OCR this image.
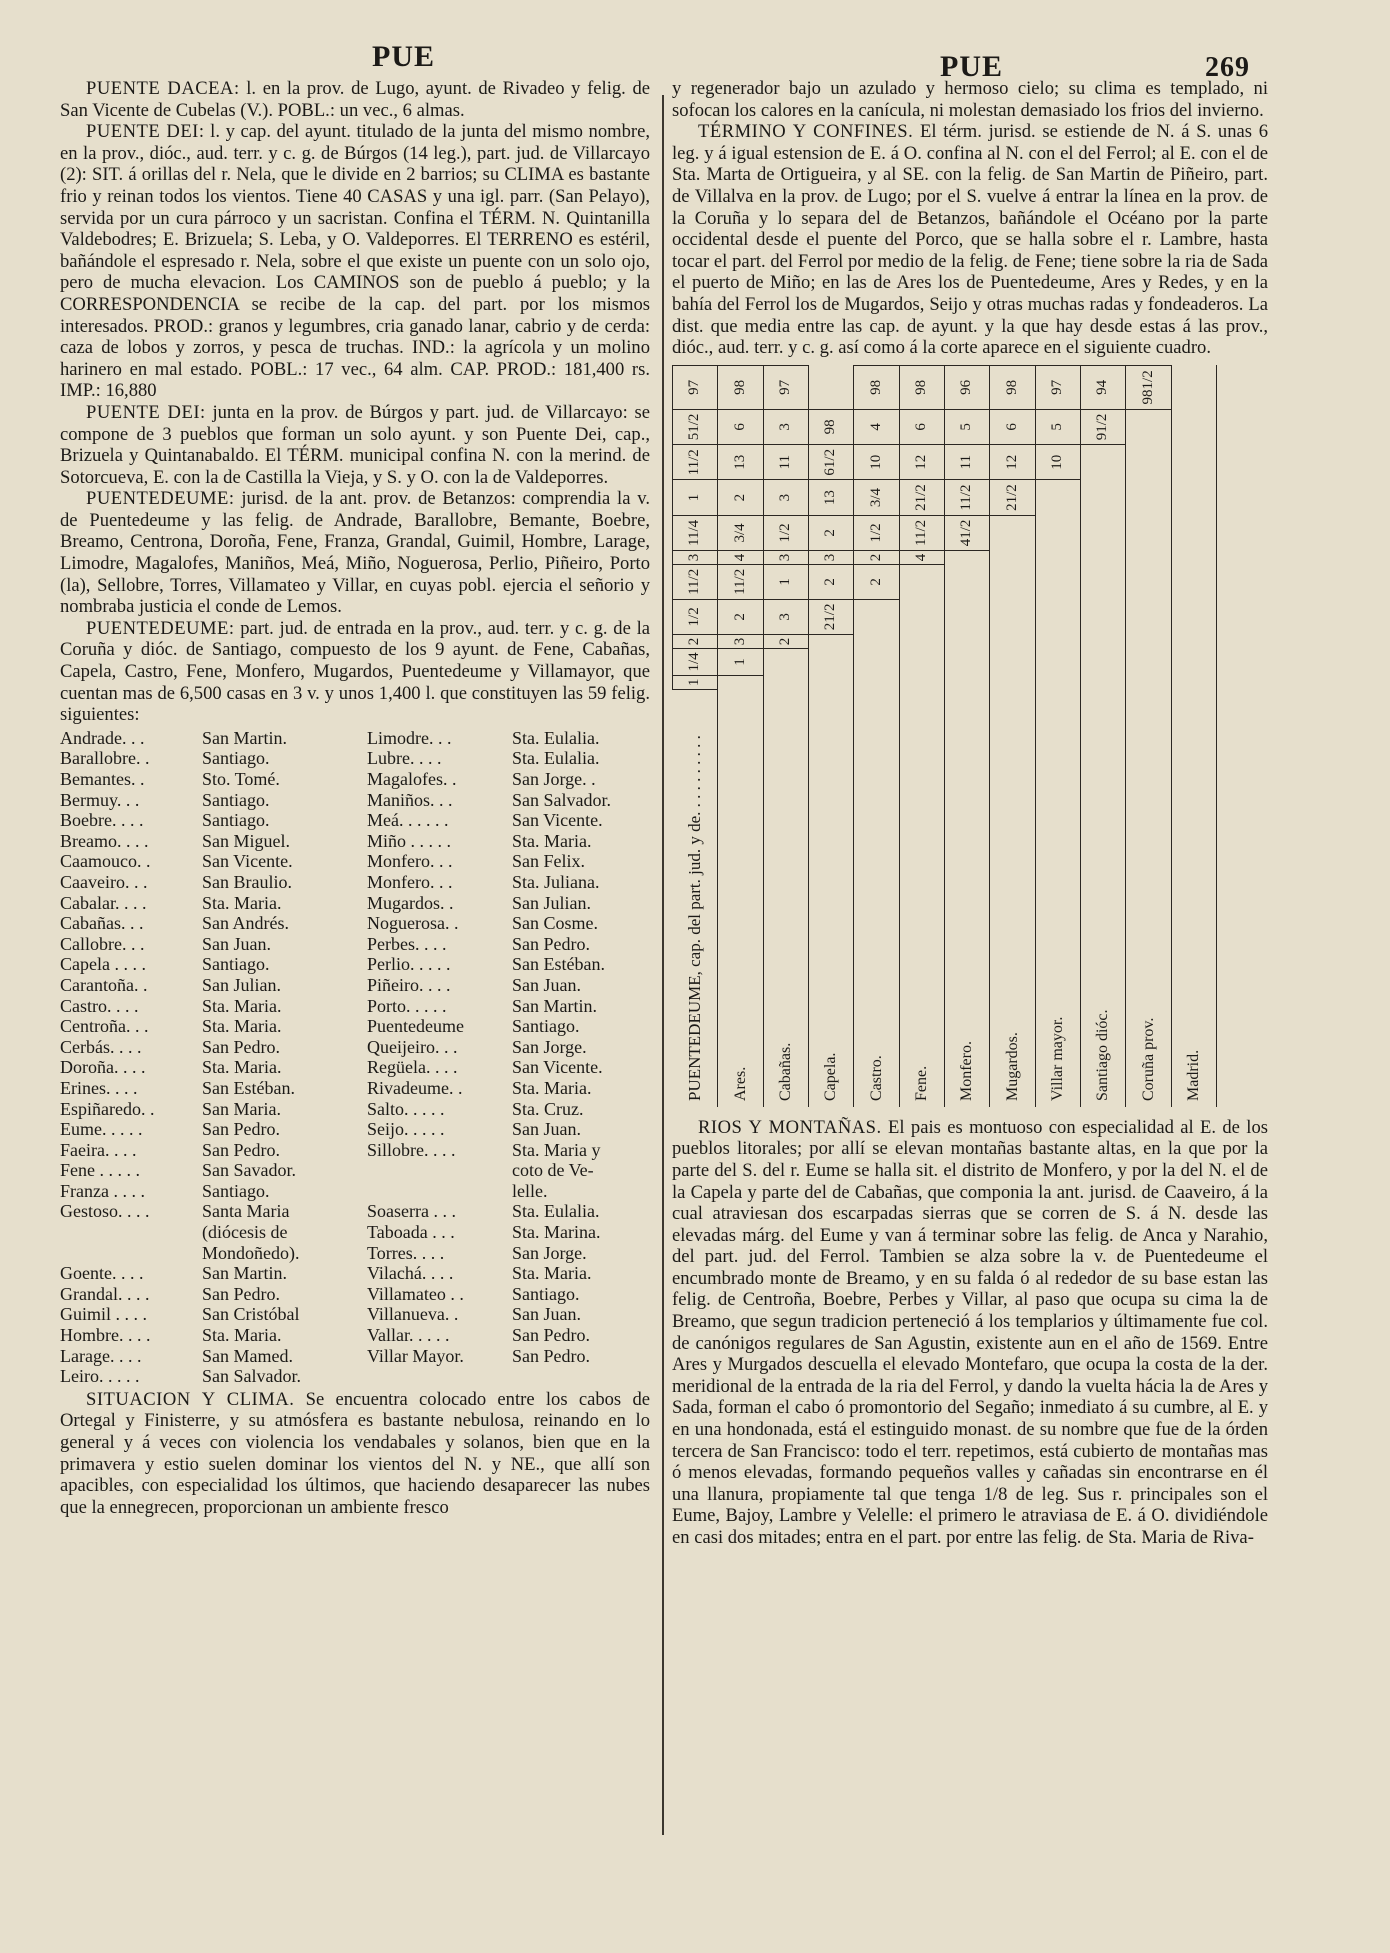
PUE	PUE	269

PUENTE DACEA: l. en la prov. de Lugo, ayunt. de Rivadeo y felig. de San Vicente de Cubelas (V.). POBL.: un vec., 6 almas.

PUENTE DEI: l. y cap. del ayunt. titulado de la junta del mismo nombre, en la prov., dióc., aud. terr. y c. g. de Búrgos (14 leg.), part. jud. de Villarcayo (2): SIT. á orillas del r. Nela, que le divide en 2 barrios; su CLIMA es bastante frio y reinan todos los vientos. Tiene 40 CASAS y una igl. parr. (San Pelayo), servida por un cura párroco y un sacristan. Confina el TÉRM. N. Quintanilla Valdebodres; E. Brizuela; S. Leba, y O. Valdeporres. El TERRENO es estéril, bañándole el espresado r. Nela, sobre el que existe un puente con un solo ojo, pero de mucha elevacion. Los CAMINOS son de pueblo á pueblo; y la CORRESPONDENCIA se recibe de la cap. del part. por los mismos interesados. PROD.: granos y legumbres, cria ganado lanar, cabrio y de cerda: caza de lobos y zorros, y pesca de truchas. IND.: la agrícola y un molino harinero en mal estado. POBL.: 17 vec., 64 alm. CAP. PROD.: 181,400 rs. IMP.: 16,880

PUENTE DEI: junta en la prov. de Búrgos y part. jud. de Villarcayo: se compone de 3 pueblos que forman un solo ayunt. y son Puente Dei, cap., Brizuela y Quintanabaldo. El TÉRM. municipal confina N. con la merind. de Sotorcueva, E. con la de Castilla la Vieja, y S. y O. con la de Valdeporres.

PUENTEDEUME: jurisd. de la ant. prov. de Betanzos: comprendia la v. de Puentedeume y las felig. de Andrade, Barallobre, Bemante, Boebre, Breamo, Centrona, Doroña, Fene, Franza, Grandal, Guimil, Hombre, Larage, Limodre, Magalofes, Maniños, Meá, Miño, Noguerosa, Perlio, Piñeiro, Porto (la), Sellobre, Torres, Villamateo y Villar, en cuyas pobl. ejercia el señorio y nombraba justicia el conde de Lemos.

PUENTEDEUME: part. jud. de entrada en la prov., aud. terr. y c. g. de la Coruña y dióc. de Santiago, compuesto de los 9 ayunt. de Fene, Cabañas, Capela, Castro, Fene, Monfero, Mugardos, Puentedeume y Villamayor, que cuentan mas de 6,500 casas en 3 v. y unos 1,400 l. que constituyen las 59 felig. siguientes:

Andrade. . .	San Martin.	Limodre. . .	Sta. Eulalia.
Barallobre. .	Santiago.	Lubre. . . .	Sta. Eulalia.
Bemantes. .	Sto. Tomé.	Magalofes. .	San Jorge. .
Bermuy. . .	Santiago.	Maniños. . .	San Salvador.
Boebre. . . .	Santiago.	Meá. . . . . .	San Vicente.
Breamo. . . .	San Miguel.	Miño . . . . .	Sta. Maria.
Caamouco. .	San Vicente.	Monfero. . .	San Felix.
Caaveiro. . .	San Braulio.	Monfero. . .	Sta. Juliana.
Cabalar. . . .	Sta. Maria.	Mugardos. .	San Julian.
Cabañas. . .	San Andrés.	Noguerosa. .	San Cosme.
Callobre. . .	San Juan.	Perbes. . . .	San Pedro.
Capela . . . .	Santiago.	Perlio. . . . .	San Estéban.
Carantoña. .	San Julian.	Piñeiro. . . .	San Juan.
Castro. . . .	Sta. Maria.	Porto. . . . .	San Martin.
Centroña. . .	Sta. Maria.	Puentedeume	Santiago.
Cerbás. . . .	San Pedro.	Queijeiro. . .	San Jorge.
Doroña. . . .	Sta. Maria.	Regüela. . . .	San Vicente.
Erines. . . .	San Estéban.	Rivadeume. .	Sta. Maria.
Espiñaredo. .	San Maria.	Salto. . . . .	Sta. Cruz.
Eume. . . . .	San Pedro.	Seijo. . . . .	San Juan.
Faeira. . . .	San Pedro.	Sillobre. . . .	Sta. Maria y
Fene . . . . .	San Savador.		coto de Ve-
Franza . . . .	Santiago.		lelle.
Gestoso. . . .	Santa Maria	Soaserra . . .	Sta. Eulalia.
	(diócesis de	Taboada . . .	Sta. Marina.
	Mondoñedo).	Torres. . . .	San Jorge.
Goente. . . .	San Martin.	Vilachá. . . .	Sta. Maria.
Grandal. . . .	San Pedro.	Villamateo . .	Santiago.
Guimil . . . .	San Cristóbal	Villanueva. .	San Juan.
Hombre. . . .	Sta. Maria.	Vallar. . . . .	San Pedro.
Larage. . . .	San Mamed.	Villar Mayor.	San Pedro.
Leiro. . . . .	San Salvador.		

SITUACION Y CLIMA. Se encuentra colocado entre los cabos de Ortegal y Finisterre, y su atmósfera es bastante nebulosa, reinando en lo general y á veces con violencia los vendabales y solanos, bien que en la primavera y estio suelen dominar los vientos del N. y NE., que allí son apacibles, con especialidad los últimos, que haciendo desaparecer las nubes que la ennegrecen, proporcionan un ambiente fresco

y regenerador bajo un azulado y hermoso cielo; su clima es templado, ni sofocan los calores en la canícula, ni molestan demasiado los frios del invierno.

TÉRMINO Y CONFINES. El térm. jurisd. se estiende de N. á S. unas 6 leg. y á igual estension de E. á O. confina al N. con el del Ferrol; al E. con el de Sta. Marta de Ortigueira, y al SE. con la felig. de San Martin de Piñeiro, part. de Villalva en la prov. de Lugo; por el S. vuelve á entrar la línea en la prov. de la Coruña y lo separa del de Betanzos, bañándole el Océano por la parte occidental desde el puente del Porco, que se halla sobre el r. Lambre, hasta tocar el part. del Ferrol por medio de la felig. de Fene; tiene sobre la ria de Sada el puerto de Miño; en las de Ares los de Puentedeume, Ares y Redes, y en la bahía del Ferrol los de Mugardos, Seijo y otras muchas radas y fondeaderos. La dist. que media entre las cap. de ayunt. y la que hay desde estas á las prov., dióc., aud. terr. y c. g. así como á la corte aparece en el siguiente cuadro.

PUENTEDEUME, cap. del part. jud. y de. . . . . . . . . .	1	1/4	2	1/2	11/2	3	11/4	1	11/2	51/2	97
Ares.		1	3	2	11/2	4	3/4	2	13	6	98
Cabañas.			2	3	1	3	1/2	3	11	3	97
Capela.				21/2	2	3	2	13	61/2	98	
Castro.					2	2	1/2	3/4	10	4	98
Fene.						4	11/2	21/2	12	6	98
Monfero.							41/2	11/2	11	5	96
Mugardos.								21/2	12	6	98
Villar mayor.									10	5	97
Santiago dióc.										91/2	94
Coruña prov.											981/2
Madrid.											

RIOS Y MONTAÑAS. El pais es montuoso con especialidad al E. de los pueblos litorales; por allí se elevan montañas bastante altas, en la que por la parte del S. del r. Eume se halla sit. el distrito de Monfero, y por la del N. el de la Capela y parte del de Cabañas, que componia la ant. jurisd. de Caaveiro, á la cual atraviesan dos escarpadas sierras que se corren de S. á N. desde las elevadas márg. del Eume y van á terminar sobre las felig. de Anca y Narahio, del part. jud. del Ferrol. Tambien se alza sobre la v. de Puentedeume el encumbrado monte de Breamo, y en su falda ó al rededor de su base estan las felig. de Centroña, Boebre, Perbes y Villar, al paso que ocupa su cima la de Breamo, que segun tradicion perteneció á los templarios y últimamente fue col. de canónigos regulares de San Agustin, existente aun en el año de 1569. Entre Ares y Murgados descuella el elevado Montefaro, que ocupa la costa de la der. meridional de la entrada de la ria del Ferrol, y dando la vuelta hácia la de Ares y Sada, forman el cabo ó promontorio del Segaño; inmediato á su cumbre, al E. y en una hondonada, está el estinguido monast. de su nombre que fue de la órden tercera de San Francisco: todo el terr. repetimos, está cubierto de montañas mas ó menos elevadas, formando pequeños valles y cañadas sin encontrarse en él una llanura, propiamente tal que tenga 1/8 de leg. Sus r. principales son el Eume, Bajoy, Lambre y Velelle: el primero le atraviasa de E. á O. dividiéndole en casi dos mitades; entra en el part. por entre las felig. de Sta. Maria de Riva-
